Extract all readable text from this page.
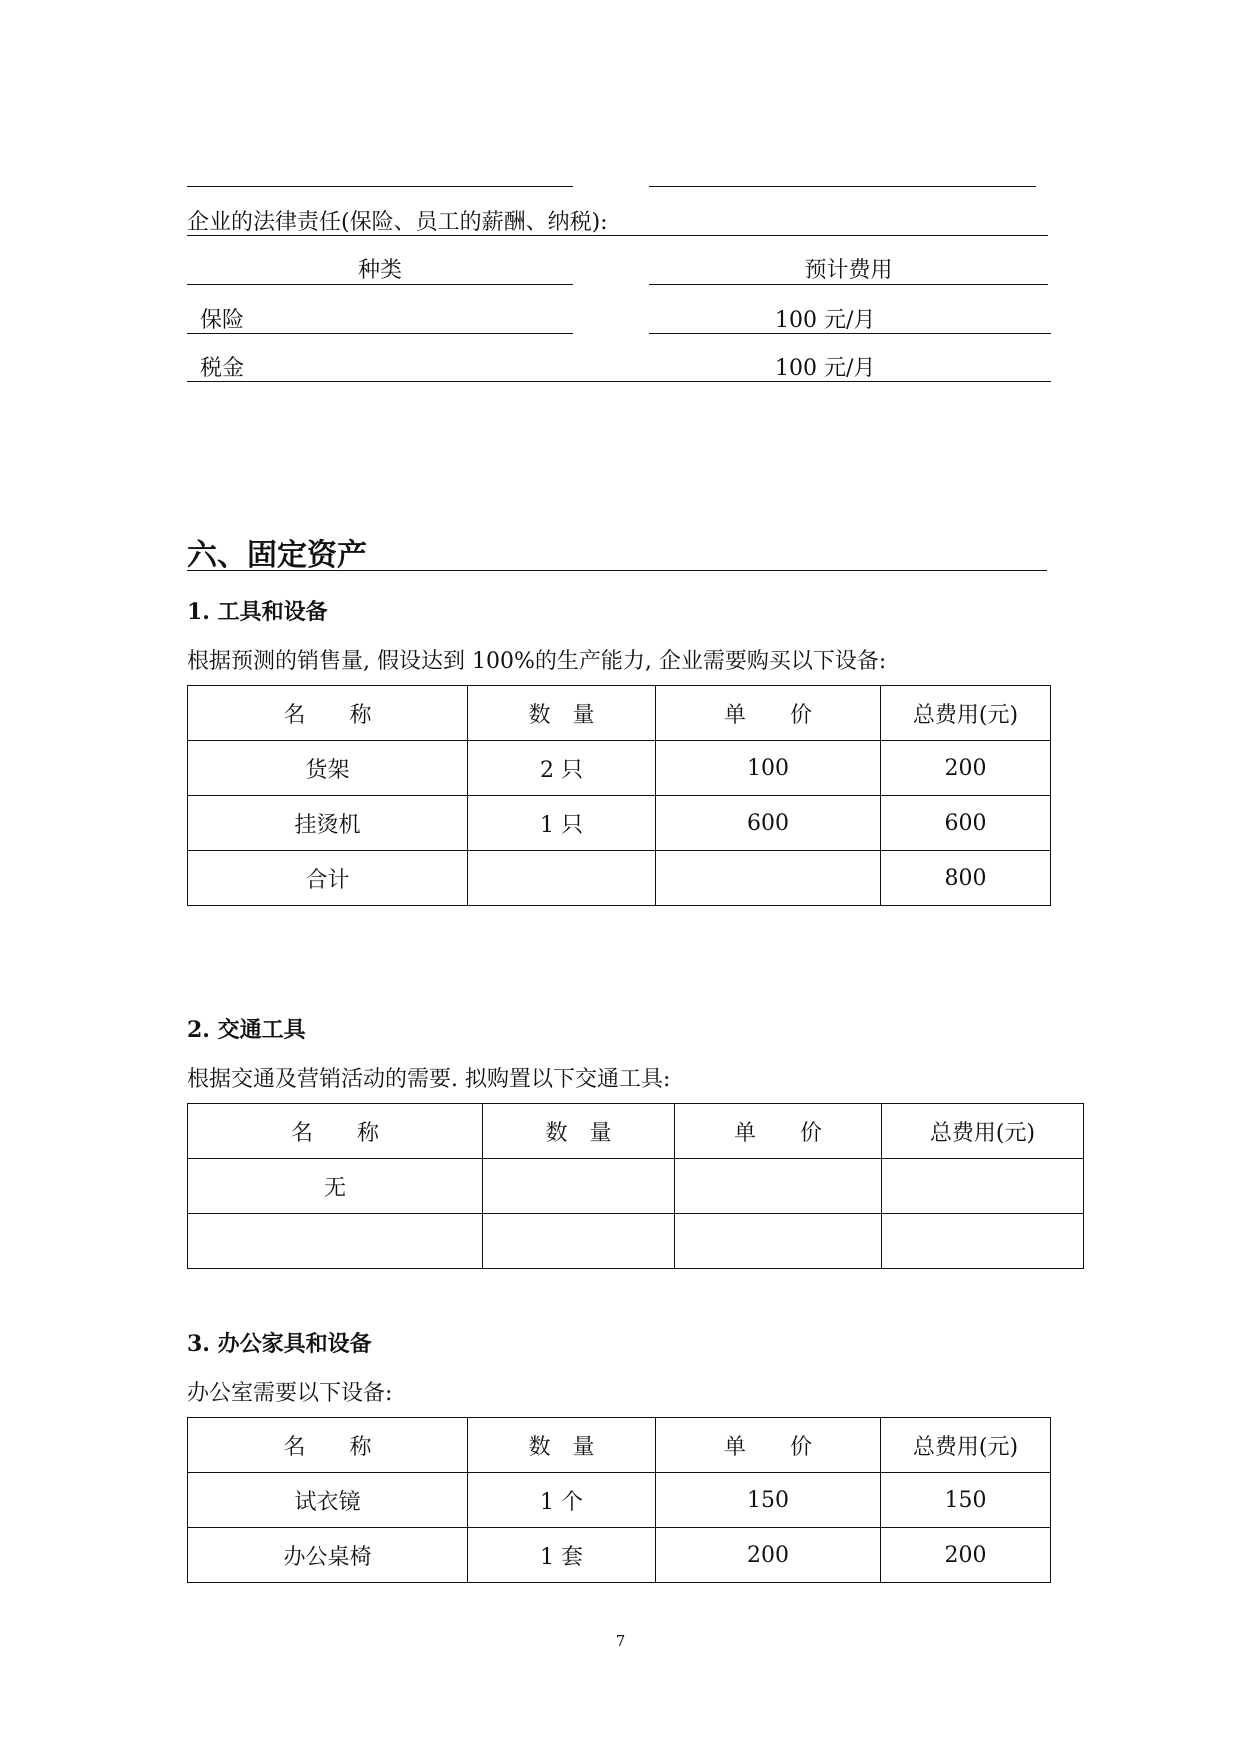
企业的法律责任(保险、员工的薪酬、纳税):
种类	预计费用
保险	100 元/月
税金	100 元/月
六、固定资产
1. 工具和设备
根据预测的销售量, 假设达到 100%的生产能力, 企业需要购买以下设备:
名　　称	数　量	单　　价	总费用(元)
货架	2 只	100	200
挂烫机	1 只	600	600
合计			800
2. 交通工具
根据交通及营销活动的需要. 拟购置以下交通工具:
名　　称	数　量	单　　价	总费用(元)
无			

3. 办公家具和设备
办公室需要以下设备:
名　　称	数　量	单　　价	总费用(元)
试衣镜	1 个	150	150
办公桌椅	1 套	200	200
7
